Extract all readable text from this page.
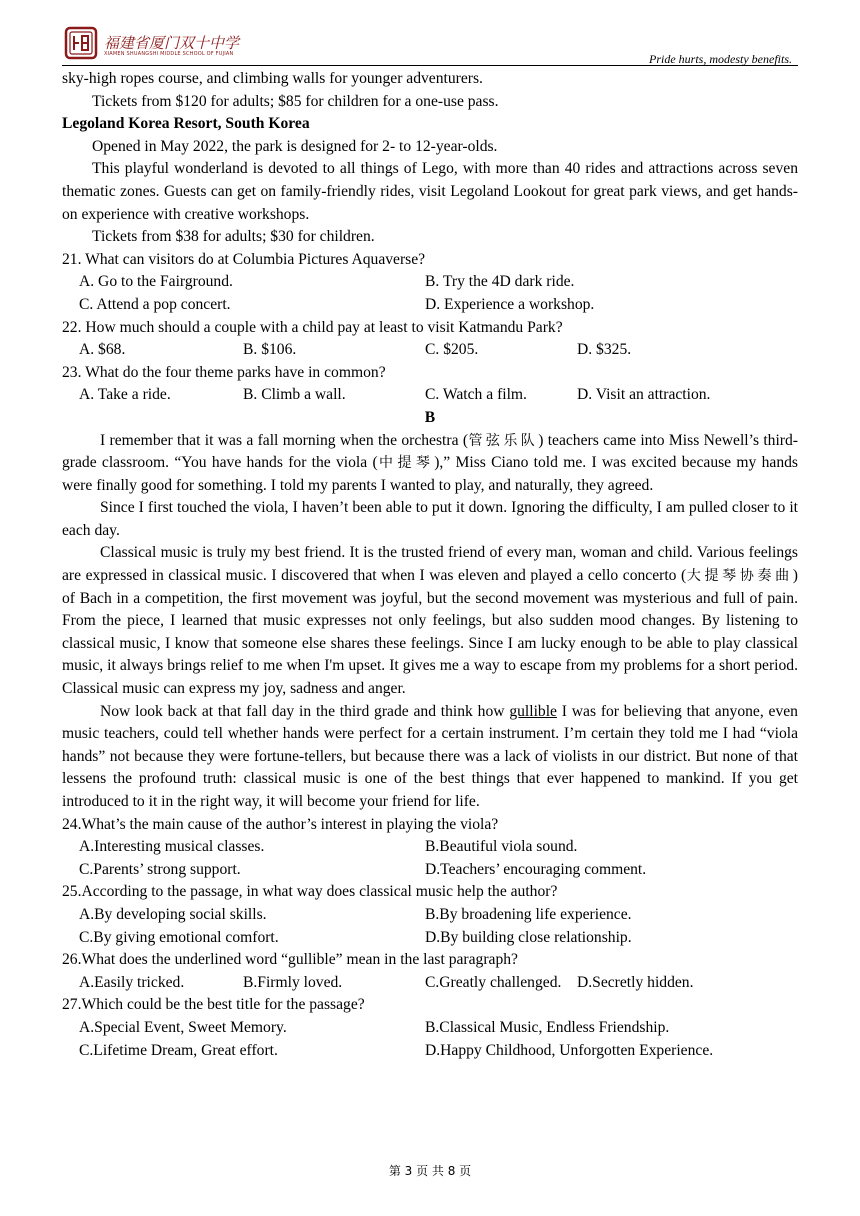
福建省厦门双十中学
XIAMEN SHUANGSHI MIDDLE SCHOOL OF FUJIAN	Pride hurts, modesty benefits.

sky-high ropes course, and climbing walls for younger adventurers.

Tickets from $120 for adults; $85 for children for a one-use pass.

Legoland Korea Resort, South Korea

Opened in May 2022, the park is designed for 2- to 12-year-olds.

This playful wonderland is devoted to all things of Lego, with more than 40 rides and attractions across seven thematic zones. Guests can get on family-friendly rides, visit Legoland Lookout for great park views, and get hands-on experience with creative workshops.

Tickets from $38 for adults; $30 for children.

21. What can visitors do at Columbia Pictures Aquaverse?

A. Go to the Fairground.	B. Try the 4D dark ride.
C. Attend a pop concert.	D. Experience a workshop.

22. How much should a couple with a child pay at least to visit Katmandu Park?

A. $68.	B. $106.	C. $205.	D. $325.

23. What do the four theme parks have in common?

A. Take a ride.	B. Climb a wall.	C. Watch a film.	D. Visit an attraction.

B

I remember that it was a fall morning when the orchestra (管弦乐队) teachers came into Miss Newell’s third-grade classroom. “You have hands for the viola (中提琴),” Miss Ciano told me. I was excited because my hands were finally good for something. I told my parents I wanted to play, and naturally, they agreed.

Since I first touched the viola, I haven’t been able to put it down. Ignoring the difficulty, I am pulled closer to it each day.

Classical music is truly my best friend. It is the trusted friend of every man, woman and child. Various feelings are expressed in classical music. I discovered that when I was eleven and played a cello concerto (大提琴协奏曲) of Bach in a competition, the first movement was joyful, but the second movement was mysterious and full of pain. From the piece, I learned that music expresses not only feelings, but also sudden mood changes. By listening to classical music, I know that someone else shares these feelings. Since I am lucky enough to be able to play classical music, it always brings relief to me when I'm upset. It gives me a way to escape from my problems for a short period. Classical music can express my joy, sadness and anger.

Now look back at that fall day in the third grade and think how gullible I was for believing that anyone, even music teachers, could tell whether hands were perfect for a certain instrument. I’m certain they told me I had “viola hands” not because they were fortune-tellers, but because there was a lack of violists in our district. But none of that lessens the profound truth: classical music is one of the best things that ever happened to mankind. If you get introduced to it in the right way, it will become your friend for life.

24.What’s the main cause of the author’s interest in playing the viola?

A.Interesting musical classes.	B.Beautiful viola sound.
C.Parents’ strong support.	D.Teachers’ encouraging comment.

25.According to the passage, in what way does classical music help the author?

A.By developing social skills.	B.By broadening life experience.
C.By giving emotional comfort.	D.By building close relationship.

26.What does the underlined word “gullible” mean in the last paragraph?

A.Easily tricked.	B.Firmly loved.	C.Greatly challenged. D.Secretly hidden.

27.Which could be the best title for the passage?

A.Special Event, Sweet Memory.	B.Classical Music, Endless Friendship.
C.Lifetime Dream, Great effort.	D.Happy Childhood, Unforgotten Experience.
第 3 页 共 8 页
